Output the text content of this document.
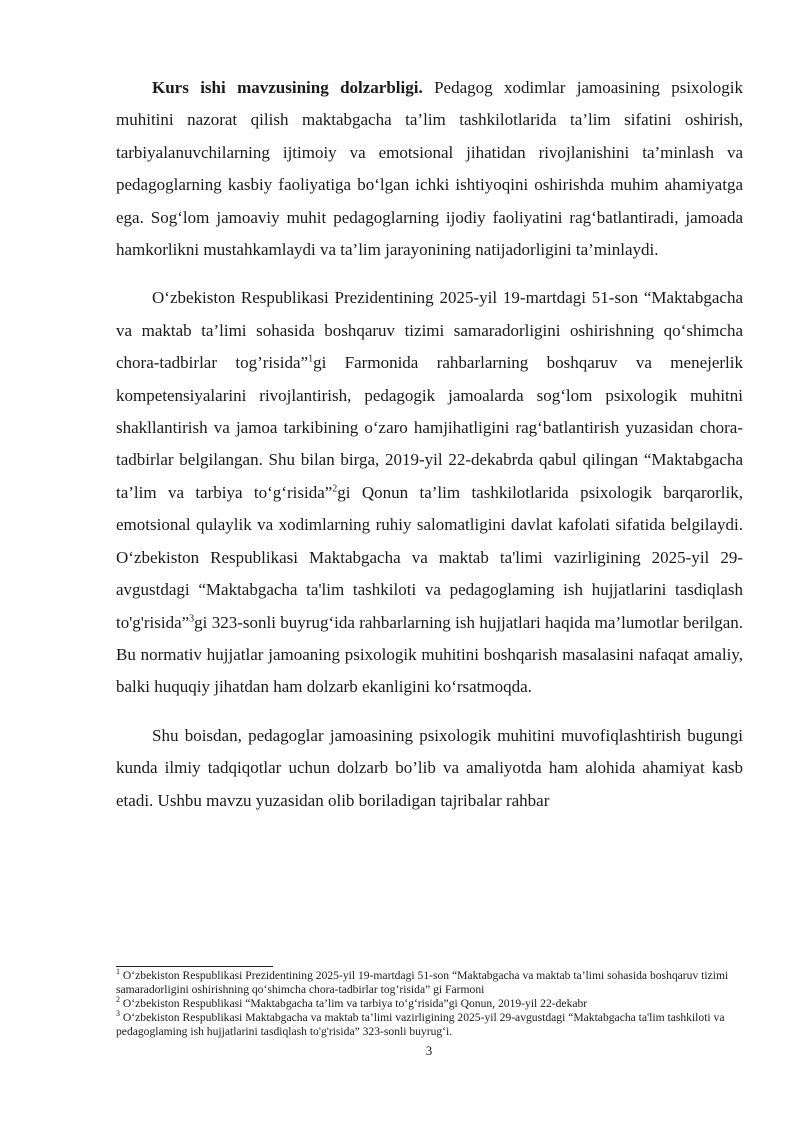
Kurs ishi mavzusining dolzarbligi. Pedagog xodimlar jamoasining psixologik muhitini nazorat qilish maktabgacha ta’lim tashkilotlarida ta’lim sifatini oshirish, tarbiyalanuvchilarning ijtimoiy va emotsional jihatidan rivojlanishini ta’minlash va pedagoglarning kasbiy faoliyatiga bo‘lgan ichki ishtiyoqini oshirishda muhim ahamiyatga ega. Sog‘lom jamoaviy muhit pedagoglarning ijodiy faoliyatini rag‘batlantiradi, jamoada hamkorlikni mustahkamlaydi va ta’lim jarayonining natijadorligini ta’minlaydi.

O‘zbekiston Respublikasi Prezidentining 2025-yil 19-martdagi 51-son “Maktabgacha va maktab ta’limi sohasida boshqaruv tizimi samaradorligini oshirishning qo‘shimcha chora-tadbirlar tog’risida”$^1$gi Farmonida rahbarlarning boshqaruv va menejerlik kompetensiyalarini rivojlantirish, pedagogik jamoalarda sog‘lom psixologik muhitni shakllantirish va jamoa tarkibining o‘zaro hamjihatligini rag‘batlantirish yuzasidan chora-tadbirlar belgilangan. Shu bilan birga, 2019-yil 22-dekabrda qabul qilingan “Maktabgacha ta’lim va tarbiya to‘g‘risida”$^2$gi Qonun ta’lim tashkilotlarida psixologik barqarorlik, emotsional qulaylik va xodimlarning ruhiy salomatligini davlat kafolati sifatida belgilaydi. O‘zbekiston Respublikasi Maktabgacha va maktab ta'limi vazirligining 2025-yil 29-avgustdagi “Maktabgacha ta'lim tashkiloti va pedagoglaming ish hujjatlarini tasdiqlash to'g'risida”$^3$gi 323-sonli buyrug‘ida rahbarlarning ish hujjatlari haqida ma’lumotlar berilgan. Bu normativ hujjatlar jamoaning psixologik muhitini boshqarish masalasini nafaqat amaliy, balki huquqiy jihatdan ham dolzarb ekanligini ko‘rsatmoqda.

Shu boisdan, pedagoglar jamoasining psixologik muhitini muvofiqlashtirish bugungi kunda ilmiy tadqiqotlar uchun dolzarb bo’lib va amaliyotda ham alohida ahamiyat kasb etadi. Ushbu mavzu yuzasidan olib boriladigan tajribalar rahbar

$^1$ O‘zbekiston Respublikasi Prezidentining 2025-yil 19-martdagi 51-son “Maktabgacha va maktab ta’limi sohasida boshqaruv tizimi samaradorligini oshirishning qo‘shimcha chora-tadbirlar tog’risida” gi Farmoni

$^2$ O‘zbekiston Respublikasi “Maktabgacha ta’lim va tarbiya to‘g‘risida”gi Qonun, 2019-yil 22-dekabr

$^3$ O‘zbekiston Respublikasi Maktabgacha va maktab ta’limi vazirligining 2025-yil 29-avgustdagi “Maktabgacha ta'lim tashkiloti va pedagoglaming ish hujjatlarini tasdiqlash to'g'risida” 323-sonli buyrug‘i.

3
